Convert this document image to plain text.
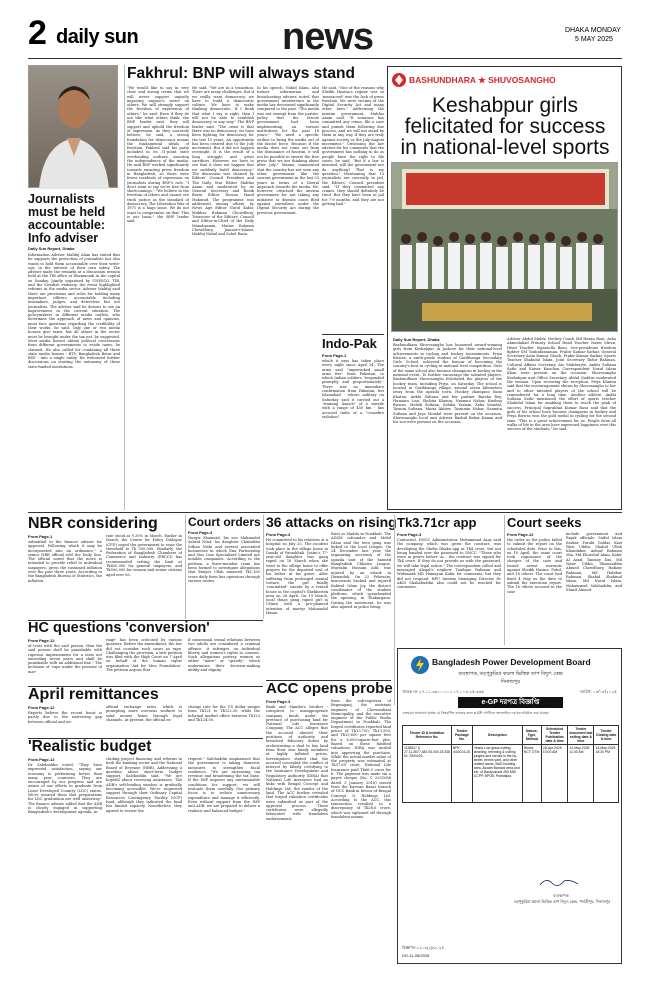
2 daily sun	news	DHAKA MONDAY
5 MAY 2025
Journalists must be held accountable: Info adviser
Daily Sun Report, Dhaka
Information Adviser Mahfuj Alam has stated that he supports the protection of journalists but also wants to hold them accountable over their write-ups, in the interest of their own safety. The adviser made the remarks at a discussion session held at the TIB office at Dhanmondi in the capital on Sunday. Jointly organised by UNESCO, TIB, and the Swedish embassy, the event highlighted reforms in the media sector. Adviser Mahfuj said there are provisions and rules for holding many important officers accountable including lawmakers, judges, and detectives but not journalists. The adviser said he desires to see an improvement in the current situation. The policymakers in different media outlets, who determine the approach of news and opinions, must face questions regarding the credibility of their works, he said. Only one or two media houses give taxes, but all others in the sector must be brought under the tax net, he suggested. Most media houses obtain political concessions from different governments to evade taxes, he claimed. He also called for combining all three state media houses - BTV, Bangladesh Betar and BSS - into a single entity. He welcomed further discussions on starting the autonomy of these state-funded institutions.
Fakhrul: BNP will always stand
"We would like to say in very clear and strong terms that we will never support unjustly imposing anyone's views on others. We will strongly support the freedom of expression of others," he said. Even if they do not like what others think, the BNP leader said, they will support and uphold the freedom of expression. As they sincerely believe, he said, a strong foundation for democracy means the fundamental ideals of freedom. Fakhrul said his party included in its 31-point state overhauling outlines, assuring the independence of the media. He said BNP worked significantly towards ensuring press freedom in Bangladesh, as there were fewer incidents of repression on journalists during BNP's rule. "I don't want to say we're free from shortcomings." "We believe in the freedom of others and cannot see truth justice as the standard of democracy. The Liberation War of 1971 is a huge issue. We do not want to compromise on that. This is our basis," the BNP leader said.
He said, "We are in a transition. There are many challenges. But if we really want democracy, we have to build a democratic culture. We have to make thinking democratic. If I think that what I say is right, then I will not be able to establish democracy in any way." The BNP leader said, "The crisis is that there was no democracy; we have been fighting for democracy for the last 15 years. An opportunity has been created due to the July movement. But it did not happen overnight. It is the result of a long struggle and great sacrifices. However, we have to see that it does not happen that we suddenly build democracy." The discussion was chaired by Editors' Council President and The Daily Star Editor Mahfuz Anam and moderated by its General Secretary and Bonik Barta Editor Dewan Hanif Mahmud. The programme was addressed, among others, by News Age Editor Nurul Kabir, Mukhar Rahman Chowdhury, Treasurer of the Editors' Council and Editor-in-Chief of the Daily Manabzamin, Matiur Rahman Chowdhury, Jamaat-e-Islami, Mahfuj Nahid and Sohel Rana.
In his speech, Nahid Islam, also former information and broadcasting adviser, noted that government interference in the media has decreased significantly compared to the past. "The media was not exempt from the parties' policy that the fascist government had been implementing on various institutions for the past 16 years." "We need a specific outline to bring the media out of the fascist force. Because if the media does not come out from the dominance of fascism, it will not be possible to ensure the free press that we are thinking about after July." Manna commented that the country has not seen any other government like the current government in the last 53 years in terms of a liberal approach towards the media. He, however, criticised the interim government for not taking any initiative to dismiss cases filed against journalists under the Digital Security Act during the previous government.
He said, "One of the reasons why Sheikh Hasina's regime was so 'massacred' was the lack of press freedom. We were victims of the Digital Security Act and many other laws." Addressing the interim government, Mahfuz Anam said, "If someone has committed any crime, file a case and punish them following due process, and we will not stand by them in any way if they are truly against society or the July-August movement." Criticising the law adviser for his comments that the government has nothing to do as people have the right to file cases, he said, "But if a law is misused, will the government not do anything? That is my question." Mentioning that 13 journalists are currently in jail, the Editors' Council president said, "If they committed any crimes, they should definitely be tried. But they have been in jail for 7-8 months, and they are not getting bail."
Indo-Pak
From Page-1
which it says has taken place every night since April 24. The army said "unprovoked small arms fire" from Pakistan, to which Indian soldiers "responded promptly and proportionately". There was no immediate confirmation from Pakistan, but Islamabad - whose military on Saturday said it carried out a "training launch" of a missile with a range of 450 km - has accused India of a "ceasefire violation".
BASHUNDHARA ★ SHUVOSANGHO
Keshabpur girls felicitated for success in national-level sports
Daily Sun Report, Dhaka
Bashundhara Shuvosangho has honoured award-winning girls from Keshabpur in Jashore for their national-level achievements in cycling and hockey tournaments. Priya Biswas, a ninth-grade student of Garibhanga Secondary Girls' School, achieved the honour of becoming the country's best in cycling at national level competition. Girls of the same school also became champions in hockey in the national event. To further encourage the talented players, Bashundhara Shuvosangho felicitated the players of the hockey team, including Priya, on Saturday. The school is located in Garibhanga village, around seven kilometers away from the upazila town. Hockey champion Sumi Khatun, Ankhi Sultana and her partner Barsha Roy, Humaira Lisa, Shobita Khatun, Nazmun Nahar, Krishna Biswas, Mehek Sultana, Sabiha Yasmin, Zaba Mondal, Tasnim Sultana, Maria Akhter, Tasnimin Nahar, Sanmita Sultana and Jaya Mondal were present on the occasion. Shuvosangho local unit Adviser Rashid Bahar Kanan and his son were present on the occasion.
Adviser Abdul Malek, Hockey Coach Md Hasan Boni, Asha Ahmedabad Primary School Head Teacher Naser Mirza, Head Teacher Signatolla Basu, vice-presidents freedom fighter SM Touhiduzzaman, Prabir Kumar Sarkar, General Secretary Asim Kumar Ghosh, Prabir Kumar Sarkar, Sports Teacher Shahidul Islam, Joint Secretary Tafsir Rahman, Cultural Affairs Secretary Alo Mukherjee, Ankhi Sultana Sathi and Kaiser Kanchon Correspondent Nurul Islam Khan were present on the occasion. Shuvosangho Keshabpur unit Office Secretary Abdul Quddus moderated the session. Upon receiving the reception, Priya Khatun said that the encouragement shown by Shuvosangho to her and to other talented players of the school will be remembered for a long time. Another athlete, Ankhi Sultana Sathi mentioned the effort of sports teacher Shahidul Islam for enabling them to reach the peak of success. Principal Suprabhat Kumar Basu said that the girls of his school have become champions in hockey and Priya Biswas won the gold medal in cycling for the second time. "This is a great achievement for us. People from all walks of life in the area have expressed happiness over this success of the students," he said.
NBR considering
From Page-1
submitted to the finance adviser for approval. Following which it may be incorporated into an ordinance," a senior NBR official told the Daily Sun. The official noted that the move is intended to provide relief to individual taxpayers, given the sustained inflation over the past three years. According to the Bangladesh Bureau of Statistics, the inflation
rate stood at 9.35% in March. Earlier in March, the Centre for Policy Dialogue (CPD) urged the government to raise the threshold to Tk 500,000. Similarly, the Federation of Bangladesh Chambers of Commerce and Industry (FBCCI) has recommended setting the limit at Tk450,000 for general taxpayers, and Tk500,000 for women and senior citizens aged over 65.
Court orders
From Page-3
Nurgis Shamsad, his son Mahmudul Ashraf Nitol, his daughter Chamrkhe Sithan Nishi and several associated businesses in which Ena Partnership and Star Line Specialized Limited are notable companies. According to the petition, a three-member team has been formed to investigate allegations that Enayet Ullah amassed Tk1,165 crore daily from bus operators through various routes.
36 attacks on rising
From Page-3
He committed to his relatives at a hospital on July 25. The incident took place in the village home in Dumki of Patuakhali. Justin's 17-year-old daughter was gang raped on 18 March when she went to the village home to offer prayers for the departed soul of his father at his grave. After suffering from prolonged mental torture, the girl finally 'committed' suicide by a rented house in the capital's Shekhertek area on 26 April. On 19 March, local thugs gang raped girl in Uttara with a pre-planned intention of martyr Mahmudul Hasan
Rizvi at Madda in Noakhali. The ADSM cofounder and Mohd Islam said the teen gang was linked to the local League. On 24 December last year, the organizing secretary of the upazila unit of the banned Bangladesh Chhatra League, Mursalin Hossain Adil, was injured by an attack in Jhenaidah. On 22 February, miscreants hacked and injured Kabirul Islam Joy, the district coordinator of the student platform, which spearheaded the uprising, in Thakurgaon. During the movement, he was also injured in police firing.
Tk3.71cr app
From Page-3
Contacted, DNCC Administrator Mohammad Azaz said the company, which was given the contract, was developing the Sheba Dhaka app at Tk4 crore, but not being handed over the password to DNCC. "Those who were in power before us... the contract was signed for Tk4 crore. If they do not provide us with the password, we will take legal action." The correspondent called and messaged Alegal's nephew Taufique Rahman and Widemark MD Hamayun Kabir for comments, but they did not respond. HPU Interim Managing Director Dr AKM Shahabuddin also could not be reached for comments.
Court seeks
From Page-12
the order as the police failed to submit the report on the scheduled date. Prior to this, on 10 April, the same court took cognisance of the charges of the case and issued arrest warrants against Sheikh Hasina, Putul, and 16 others. The court had fixed 4 May as the date to submit the execution report. The 16 others accused in the case
include government and Rajuk officials: Saiful Islam Sarkar, Purabi Goldar, Kazi Wasi Uddin, Shahid Ullah Khandaker, Ashraf Rahman Mia, Md Khurshid Alam, Kabir Al Azad, Tanmoy Das, Md Nasir Uddin, Shamsuddin Ahmed Chowdhury, Hafizur Rahman, Md Habibur Rahman, Shahid Shahinul Islam, Md Nurul Islam, Mohammad Salahuddin, and Sharif Ahmed.
HC questions 'conversion'
From Page-12
of trust with the said person, then the said person shall be punishable with rigorous imprisonment for a term not exceeding seven years and shall be punishable with an additional fine." The inclusion of 'rape under the promise of mar-
riage' has been criticised by various quarters. Before the amendment, the law did not consider such cases as rape. Challenging the provision, a writ petition was filed with the High Court on 7 April on behalf of the human rights organisation 'Aid for Men Foundation'. The petition argues that
if consensual sexual relations between two adults are considered a criminal offence, it infringes on individual liberty and women's rights to consent. Such allegations portray women as either "naive" or "greedy", which undermines their decision-making ability and dignity.
April remittances
From Page-12
Experts believe the recent boost is partly due to the narrowing gap between official and un-
official exchange rates, which is prompting more overseas workers to send money home through legal channels. At present, the official ex-
change rate for the US dollar ranges from Tk121 to Tk122.50, while the informal market offers between Tk123 and Tk124.50.
'Realistic budget
From Page-12
Dr Salehuddin noted, "They have expressed satisfaction, saying our economy is performing better than many peer countries. They are encouraged by our progress and are aware of our efforts to graduate from Least Developed Country (LDC) status. We've assured them that preparations for LDC graduation are well underway." The finance adviser added that the ADB is closely engaged in supporting Bangladesh's development agenda, in-
cluding project financing and reforms in both the banking sector and the National Board of Revenue (NBR). Addressing a question about short-term budget support, Salehuddin said, "We are hopeful about receiving assistance. The ADB's soft-lending window is gradually becoming accessible. We've requested support through their Ordinary Capital Resources Contingency Facility (OCF) fund, although they indicated the fund has limited capacity. Nonetheless, they agreed to review the
request." Salehuddin emphasised that the government is taking domestic measures to strengthen fiscal resilience. "We are increasing tax revenue and broadening the tax base. If the IMF imposes any unreasonable conditions for support, we will evaluate them carefully. Our primary focus is to reduce unnecessary expenditure and manage it efficiently. Even without support from the IMF and ADB, we are prepared to deliver a realistic and balanced budget."
ACC opens probe
From Page-3
Bank and Mambo's brother - conspired to misappropriate company funds under the pretence of purchasing land for National Life Insurance Company. The ACC alleges that the accused abused their positions of authority and breached fiduciary duties by orchestrating a deal to buy land from their own family members at highly inflated prices. Investigators stated that the accused concealed the conflict of interest by falsely certifying to the Insurance Development and Regulatory Authority (IDRA) that National Life Insurance had no links with Bengal Concept and Holdings Ltd, the vendor of the land. The ACC further revealed that forged valuation certificates were submitted as part of the approval process. These certificates were allegedly fabricated with fraudulent endorsements
from the sub-registrar of Begumganj, the assistant engineer of Chowmuhani Municipality, and the executive engineer of the Public Works Department in Noakhali. The forged certificates reported land prices of Tk13,700, Tk13,500, and Tk13,600 per square feet for a 6,000-square-foot plot. Based on these falsified valuations, IDRA was misled into approving the purchase. While the actual market value of the property was estimated at Tk37.69 crore, National Life Insurance paid Tk66.5 crore for it. The payment was made via a payee cheque (No. C 2331086 dated 3 January 2016) issued from the Karwan Bazar branch of NCC Bank in favour of Bengal Concept & Holdings Ltd. According to the ACC, this transaction resulted in a discrepancy of Tk28.6 crore, which was siphoned off through fraudulent means.
Bangladesh Power Development Board
ব্যবস্থাপক, বড়পুকুরিয়া কয়লা ভিত্তিক তাপ বিদ্যুৎ কেন্দ্র
দিনাজপুর
স্মারক নং ২৭.১১.৩৯০০.১০১.০৭.০০৪.২৫.৩৩৫	তারিখ: ০৪/০৫/২০২৫
e-GP দরপত্র বিজ্ঞপ্তি
এতদ্বারা জানানো যাচ্ছে যে নিম্নবর্ণিত কাজের জন্য e-GP পোর্টালে অনলাইনে দরপত্র আহ্বান করা যাচ্ছে।
Tender ID & Invitation Reference No.	Tender Package No.	Description	Nature, Type, Method	Scheduled Tender Publication date & time	Tender document last selling date & time	Tender Closing date & time
1136827 & 27.11.3677.482.05.004.25.338 Dt. 29/04/25	BPK-44/2024-25	Yearly Low grass cutting, cleaning, trimming & cutting jungles and shrubs in the by-street, berms yard, and other related areas, BAD building area, Assam Barrack area and etc. of Barapukuria 250 MW CCPP, BPDB, Parbatipur.	Works NCT OTM	28-Apr-2025 10:00 AM	14-May-2025 11:00 AM	14-May-2025 15:30 PM
ব্যবস্থাপক
বড়পুকুরিয়া কয়লা ভিত্তিক তাপ বিদ্যুৎ কেন্দ্র, পার্বতীপুর, দিনাজপুর
বিজ্ঞাপন-১২০৮(২)/২০২৫
DG-11-05/2025
